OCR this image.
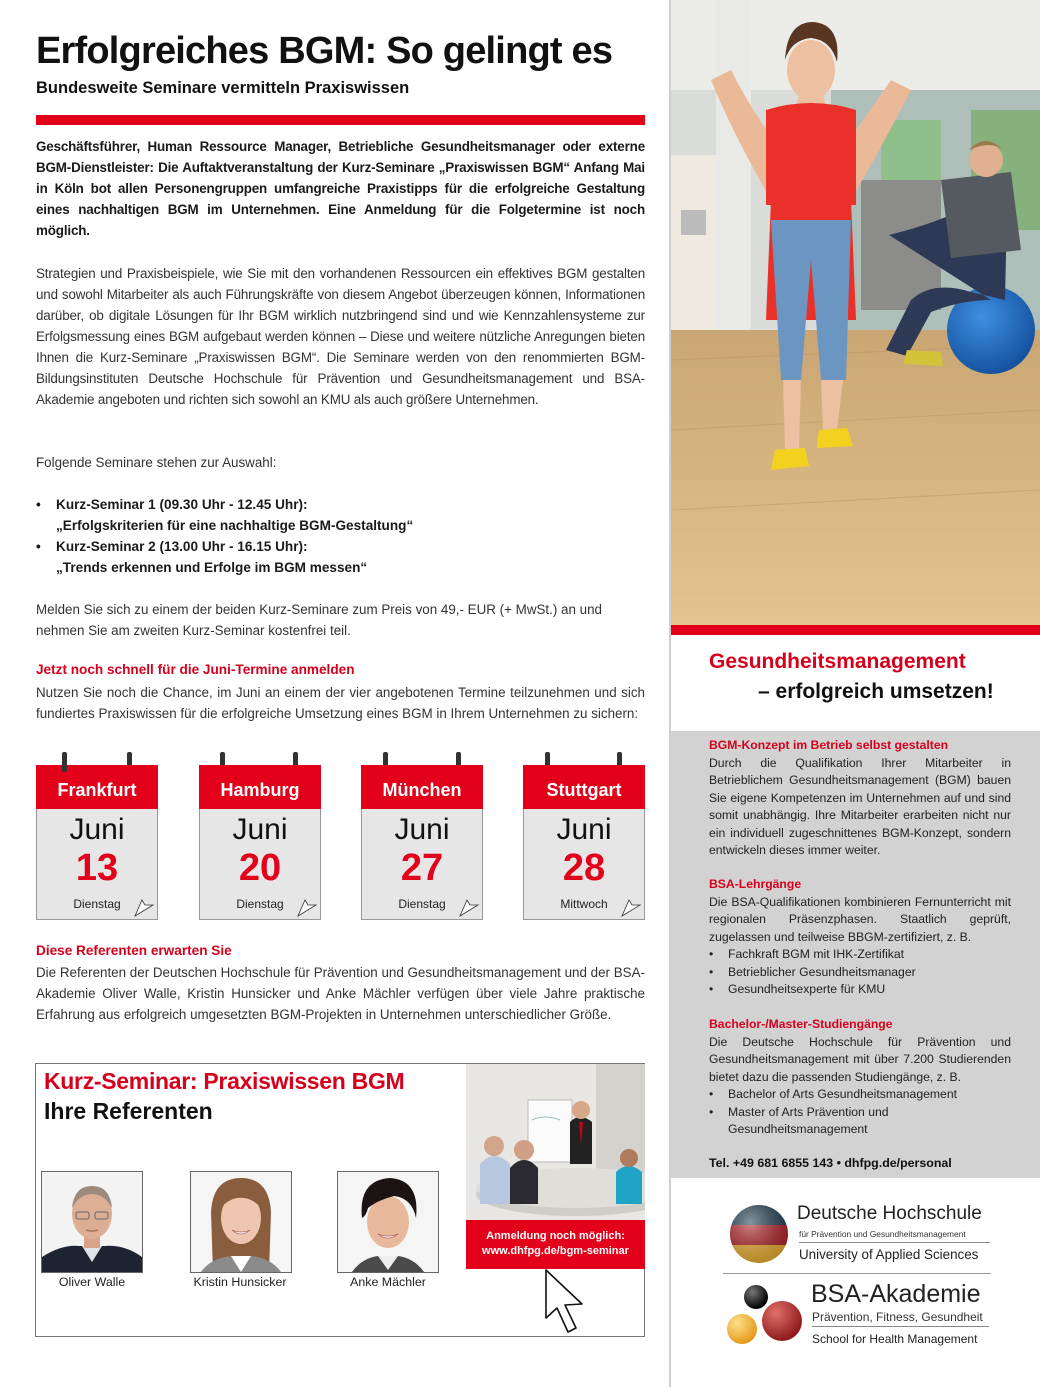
Erfolgreiches BGM: So gelingt es
Bundesweite Seminare vermitteln Praxiswissen

Geschäftsführer, Human Ressource Manager, Betriebliche Gesundheitsmanager oder externe BGM-Dienstleister: Die Auftaktveranstaltung der Kurz-Seminare „Praxiswissen BGM“ Anfang Mai in Köln bot allen Personengruppen umfangreiche Praxistipps für die erfolgreiche Gestaltung eines nachhaltigen BGM im Unternehmen. Eine Anmeldung für die Folgetermine ist noch möglich.

Strategien und Praxisbeispiele, wie Sie mit den vorhandenen Ressourcen ein effektives BGM gestalten und sowohl Mitarbeiter als auch Führungskräfte von diesem Angebot überzeugen können, Informationen darüber, ob digitale Lösungen für Ihr BGM wirklich nutzbringend sind und wie Kennzahlensysteme zur Erfolgsmessung eines BGM aufgebaut werden können – Diese und weitere nützliche Anregungen bieten Ihnen die Kurz-Seminare „Praxiswissen BGM“. Die Seminare werden von den renommierten BGM-Bildungsinstituten Deutsche Hochschule für Prävention und Gesundheitsmanagement und BSA-Akademie angeboten und richten sich sowohl an KMU als auch größere Unternehmen.

Folgende Seminare stehen zur Auswahl:

• Kurz-Seminar 1 (09.30 Uhr - 12.45 Uhr):
„Erfolgskriterien für eine nachhaltige BGM-Gestaltung“
• Kurz-Seminar 2 (13.00 Uhr - 16.15 Uhr):
„Trends erkennen und Erfolge im BGM messen“

Melden Sie sich zu einem der beiden Kurz-Seminare zum Preis von 49,- EUR (+ MwSt.) an und nehmen Sie am zweiten Kurz-Seminar kostenfrei teil.

Jetzt noch schnell für die Juni-Termine anmelden

Nutzen Sie noch die Chance, im Juni an einem der vier angebotenen Termine teilzunehmen und sich fundiertes Praxiswissen für die erfolgreiche Umsetzung eines BGM in Ihrem Unternehmen zu sichern:

Frankfurt
Juni
13
Dienstag
Hamburg
Juni
20
Dienstag
München
Juni
27
Dienstag
Stuttgart
Juni
28
Mittwoch
Diese Referenten erwarten Sie

Die Referenten der Deutschen Hochschule für Prävention und Gesundheitsmanagement und der BSA-Akademie Oliver Walle, Kristin Hunsicker und Anke Mächler verfügen über viele Jahre praktische Erfahrung aus erfolgreich umgesetzten BGM-Projekten in Unternehmen unterschiedlicher Größe.

Kurz-Seminar: Praxiswissen BGM
Ihre Referenten
Oliver Walle	Kristin Hunsicker	Anke Mächler
Anmeldung noch möglich:
www.dhfpg.de/bgm-seminar
Gesundheitsmanagement
– erfolgreich umsetzen!
BGM-Konzept im Betrieb selbst gestalten

Durch die Qualifikation Ihrer Mitarbeiter in Betrieblichem Gesundheitsmanagement (BGM) bauen Sie eigene Kompetenzen im Unternehmen auf und sind somit unabhängig. Ihre Mitarbeiter erarbeiten nicht nur ein individuell zugeschnittenes BGM-Konzept, sondern entwickeln dieses immer weiter.

BSA-Lehrgänge

Die BSA-Qualifikationen kombinieren Fernunterricht mit regionalen Präsenzphasen. Staatlich geprüft, zugelassen und teilweise BBGM-zertifiziert, z. B.

• Fachkraft BGM mit IHK-Zertifikat
• Betrieblicher Gesundheitsmanager
• Gesundheitsexperte für KMU
Bachelor-/Master-Studiengänge

Die Deutsche Hochschule für Prävention und Gesundheitsmanagement mit über 7.200 Studierenden bietet dazu die passenden Studiengänge, z. B.

• Bachelor of Arts Gesundheitsmanagement
• Master of Arts Prävention und Gesundheitsmanagement
Tel. +49 681 6855 143 • dhfpg.de/personal
Deutsche Hochschule
für Prävention und Gesundheitsmanagement
University of Applied Sciences
BSA-Akademie
Prävention, Fitness, Gesundheit
School for Health Management
